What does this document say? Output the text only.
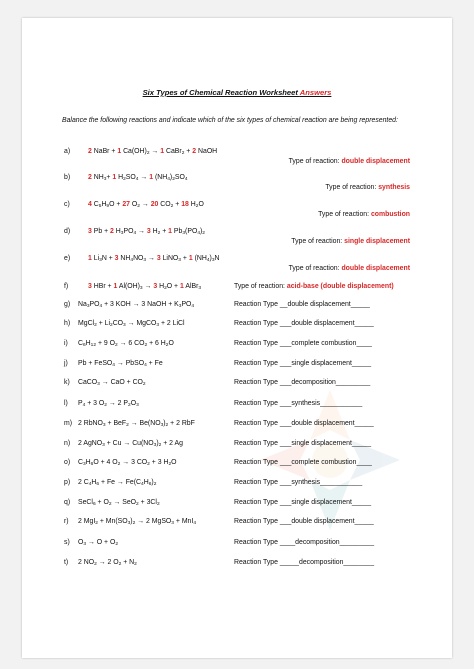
Six Types of Chemical Reaction Worksheet Answers
Balance the following reactions and indicate which of the six types of chemical reaction are being represented:
a)	2 NaBr + 1 $Ca(OH)_2 \to 1$ CaBr$_2$ + 2 NaOH
Type of reaction: double displacement
b)	2 $NH_3+ 1$ $H_2SO_4 \to 1$ $(NH_4)_2SO_4$
Type of reaction: synthesis
c)	4 $C_5H_9O + 27$ $O_2 \to 20$ $CO_2 + 18$ $H_2O$
Type of reaction: combustion
d)	3 Pb + 2 $H_3PO_4 \to 3$ $H_2 + 1$ $Pb_3(PO_4)_2$
Type of reaction: single displacement
e)	1 $Li_3N + 3$ $NH_4NO_3 \to 3$ LiNO$_3$ + 1 $(NH_4)_3N$
Type of reaction: double displacement
f)	3 HBr + 1 $Al(OH)_3 \to 3$ $H_2O + 1$ AlBr$_3$	Type of reaction: acid-base (double displacement)
g) $Na_3PO_4 + 3$ KOH → 3 NaOH + $K_3PO_4$	Reaction Type __double displacement_____
h) MgCl$_2$ + $Li_2CO_3$ → MgCO$_3$ + 2 LiCl	Reaction Type ___double displacement_____
i) $C_6H_{12} + 9$ $O_2 \to 6$ $CO_2 + 6$ $H_2O$	Reaction Type ___complete combustion____
j) Pb + FeSO$_4$ → PbSO$_4$ + Fe	Reaction Type ___single displacement_____
k) CaCO$_3$ → CaO + $CO_2$	Reaction Type ___decomposition_________
l) $P_4 + 3$ $O_2 \to 2$ $P_2O_3$	Reaction Type ___synthesis___________
m) 2 RbNO$_3$ + $BeF_2 \to Be(NO_3)_2 + 2$ RbF	Reaction Type ___double displacement_____
n) 2 AgNO$_3$ + $Cu \to Cu(NO_3)_2 + 2$ Ag	Reaction Type ___single displacement_____
o) $C_3H_6O + 4$ $O_2 \to 3$ $CO_2 + 3$ $H_2O$	Reaction Type ___complete combustion____
p) 2 $C_4H_6 + Fe \to Fe(C_4H_6)_2$	Reaction Type ___synthesis___________
q) SeCl$_6$ + $O_2 \to SeO_2 + 3Cl_2$	Reaction Type ___single displacement_____
r) 2 $MgI_2 + Mn(SO_3)_2 \to 2$ MgSO$_3$ + MnI$_4$	Reaction Type ___double displacement_____
s) $O_3 \to O + O_2$	Reaction Type ____decomposition_________
t) 2 $NO_2 \to 2$ $O_2 + N_2$	Reaction Type _____decomposition________
